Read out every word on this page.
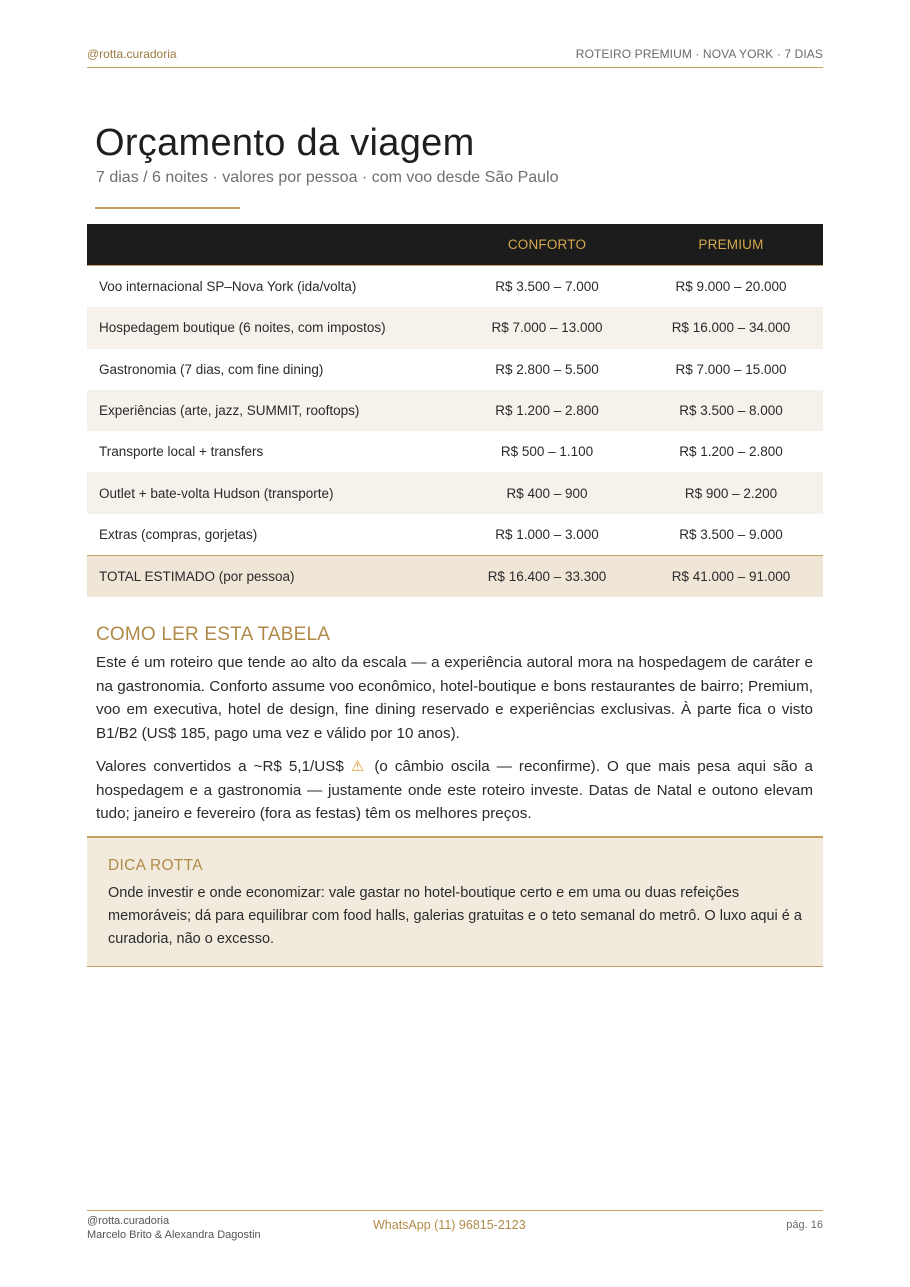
@rotta.curadoria	ROTEIRO PREMIUM · NOVA YORK · 7 DIAS
Orçamento da viagem
7 dias / 6 noites · valores por pessoa · com voo desde São Paulo
	CONFORTO	PREMIUM
Voo internacional SP–Nova York (ida/volta)	R$ 3.500 – 7.000	R$ 9.000 – 20.000
Hospedagem boutique (6 noites, com impostos)	R$ 7.000 – 13.000	R$ 16.000 – 34.000
Gastronomia (7 dias, com fine dining)	R$ 2.800 – 5.500	R$ 7.000 – 15.000
Experiências (arte, jazz, SUMMIT, rooftops)	R$ 1.200 – 2.800	R$ 3.500 – 8.000
Transporte local + transfers	R$ 500 – 1.100	R$ 1.200 – 2.800
Outlet + bate-volta Hudson (transporte)	R$ 400 – 900	R$ 900 – 2.200
Extras (compras, gorjetas)	R$ 1.000 – 3.000	R$ 3.500 – 9.000
TOTAL ESTIMADO (por pessoa)	R$ 16.400 – 33.300	R$ 41.000 – 91.000
COMO LER ESTA TABELA
Este é um roteiro que tende ao alto da escala — a experiência autoral mora na hospedagem de caráter e na gastronomia. Conforto assume voo econômico, hotel-boutique e bons restaurantes de bairro; Premium, voo em executiva, hotel de design, fine dining reservado e experiências exclusivas. À parte fica o visto B1/B2 (US$ 185, pago uma vez e válido por 10 anos).
Valores convertidos a ~R$ 5,1/US$ ⚠ (o câmbio oscila — reconfirme). O que mais pesa aqui são a hospedagem e a gastronomia — justamente onde este roteiro investe. Datas de Natal e outono elevam tudo; janeiro e fevereiro (fora as festas) têm os melhores preços.
DICA ROTTA
Onde investir e onde economizar: vale gastar no hotel-boutique certo e em uma ou duas refeições memoráveis; dá para equilibrar com food halls, galerias gratuitas e o teto semanal do metrô. O luxo aqui é a curadoria, não o excesso.
@rotta.curadoria
Marcelo Brito & Alexandra Dagostin
WhatsApp (11) 96815-2123	pág. 16
